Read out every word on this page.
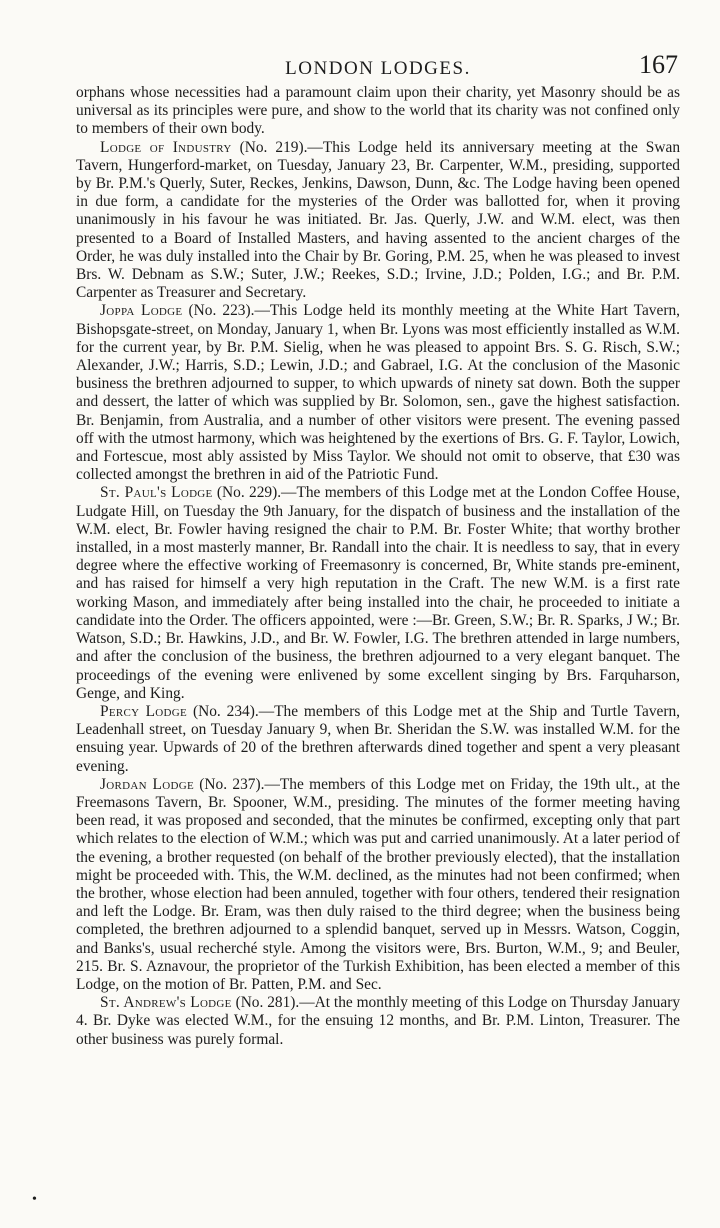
LONDON LODGES.	167

orphans whose necessities had a paramount claim upon their charity, yet Masonry should be as universal as its principles were pure, and show to the world that its charity was not confined only to members of their own body.

Lodge of Industry (No. 219).—This Lodge held its anniversary meeting at the Swan Tavern, Hungerford-market, on Tuesday, January 23, Br. Carpenter, W.M., presiding, supported by Br. P.M.'s Querly, Suter, Reckes, Jenkins, Dawson, Dunn, &c. The Lodge having been opened in due form, a candidate for the mysteries of the Order was ballotted for, when it proving unanimously in his favour he was initiated. Br. Jas. Querly, J.W. and W.M. elect, was then presented to a Board of Installed Masters, and having assented to the ancient charges of the Order, he was duly installed into the Chair by Br. Goring, P.M. 25, when he was pleased to invest Brs. W. Debnam as S.W.; Suter, J.W.; Reekes, S.D.; Irvine, J.D.; Polden, I.G.; and Br. P.M. Carpenter as Treasurer and Secretary.

Joppa Lodge (No. 223).—This Lodge held its monthly meeting at the White Hart Tavern, Bishopsgate-street, on Monday, January 1, when Br. Lyons was most efficiently installed as W.M. for the current year, by Br. P.M. Sielig, when he was pleased to appoint Brs. S. G. Risch, S.W.; Alexander, J.W.; Harris, S.D.; Lewin, J.D.; and Gabrael, I.G. At the conclusion of the Masonic business the brethren adjourned to supper, to which upwards of ninety sat down. Both the supper and dessert, the latter of which was supplied by Br. Solomon, sen., gave the highest satisfaction. Br. Benjamin, from Australia, and a number of other visitors were present. The evening passed off with the utmost harmony, which was heightened by the exertions of Brs. G. F. Taylor, Lowich, and Fortescue, most ably assisted by Miss Taylor. We should not omit to observe, that £30 was collected amongst the brethren in aid of the Patriotic Fund.

St. Paul's Lodge (No. 229).—The members of this Lodge met at the London Coffee House, Ludgate Hill, on Tuesday the 9th January, for the dispatch of business and the installation of the W.M. elect, Br. Fowler having resigned the chair to P.M. Br. Foster White; that worthy brother installed, in a most masterly manner, Br. Randall into the chair. It is needless to say, that in every degree where the effective working of Freemasonry is concerned, Br, White stands pre-eminent, and has raised for himself a very high reputation in the Craft. The new W.M. is a first rate working Mason, and immediately after being installed into the chair, he proceeded to initiate a candidate into the Order. The officers appointed, were :—Br. Green, S.W.; Br. R. Sparks, J W.; Br. Watson, S.D.; Br. Hawkins, J.D., and Br. W. Fowler, I.G. The brethren attended in large numbers, and after the conclusion of the business, the brethren adjourned to a very elegant banquet. The proceedings of the evening were enlivened by some excellent singing by Brs. Farquharson, Genge, and King.

Percy Lodge (No. 234).—The members of this Lodge met at the Ship and Turtle Tavern, Leadenhall street, on Tuesday January 9, when Br. Sheridan the S.W. was installed W.M. for the ensuing year. Upwards of 20 of the brethren afterwards dined together and spent a very pleasant evening.

Jordan Lodge (No. 237).—The members of this Lodge met on Friday, the 19th ult., at the Freemasons Tavern, Br. Spooner, W.M., presiding. The minutes of the former meeting having been read, it was proposed and seconded, that the minutes be confirmed, excepting only that part which relates to the election of W.M.; which was put and carried unanimously. At a later period of the evening, a brother requested (on behalf of the brother previously elected), that the installation might be proceeded with. This, the W.M. declined, as the minutes had not been confirmed; when the brother, whose election had been annuled, together with four others, tendered their resignation and left the Lodge. Br. Eram, was then duly raised to the third degree; when the business being completed, the brethren adjourned to a splendid banquet, served up in Messrs. Watson, Coggin, and Banks's, usual recherché style. Among the visitors were, Brs. Burton, W.M., 9; and Beuler, 215. Br. S. Aznavour, the proprietor of the Turkish Exhibition, has been elected a member of this Lodge, on the motion of Br. Patten, P.M. and Sec.

St. Andrew's Lodge (No. 281).—At the monthly meeting of this Lodge on Thursday January 4. Br. Dyke was elected W.M., for the ensuing 12 months, and Br. P.M. Linton, Treasurer. The other business was purely formal.

•
